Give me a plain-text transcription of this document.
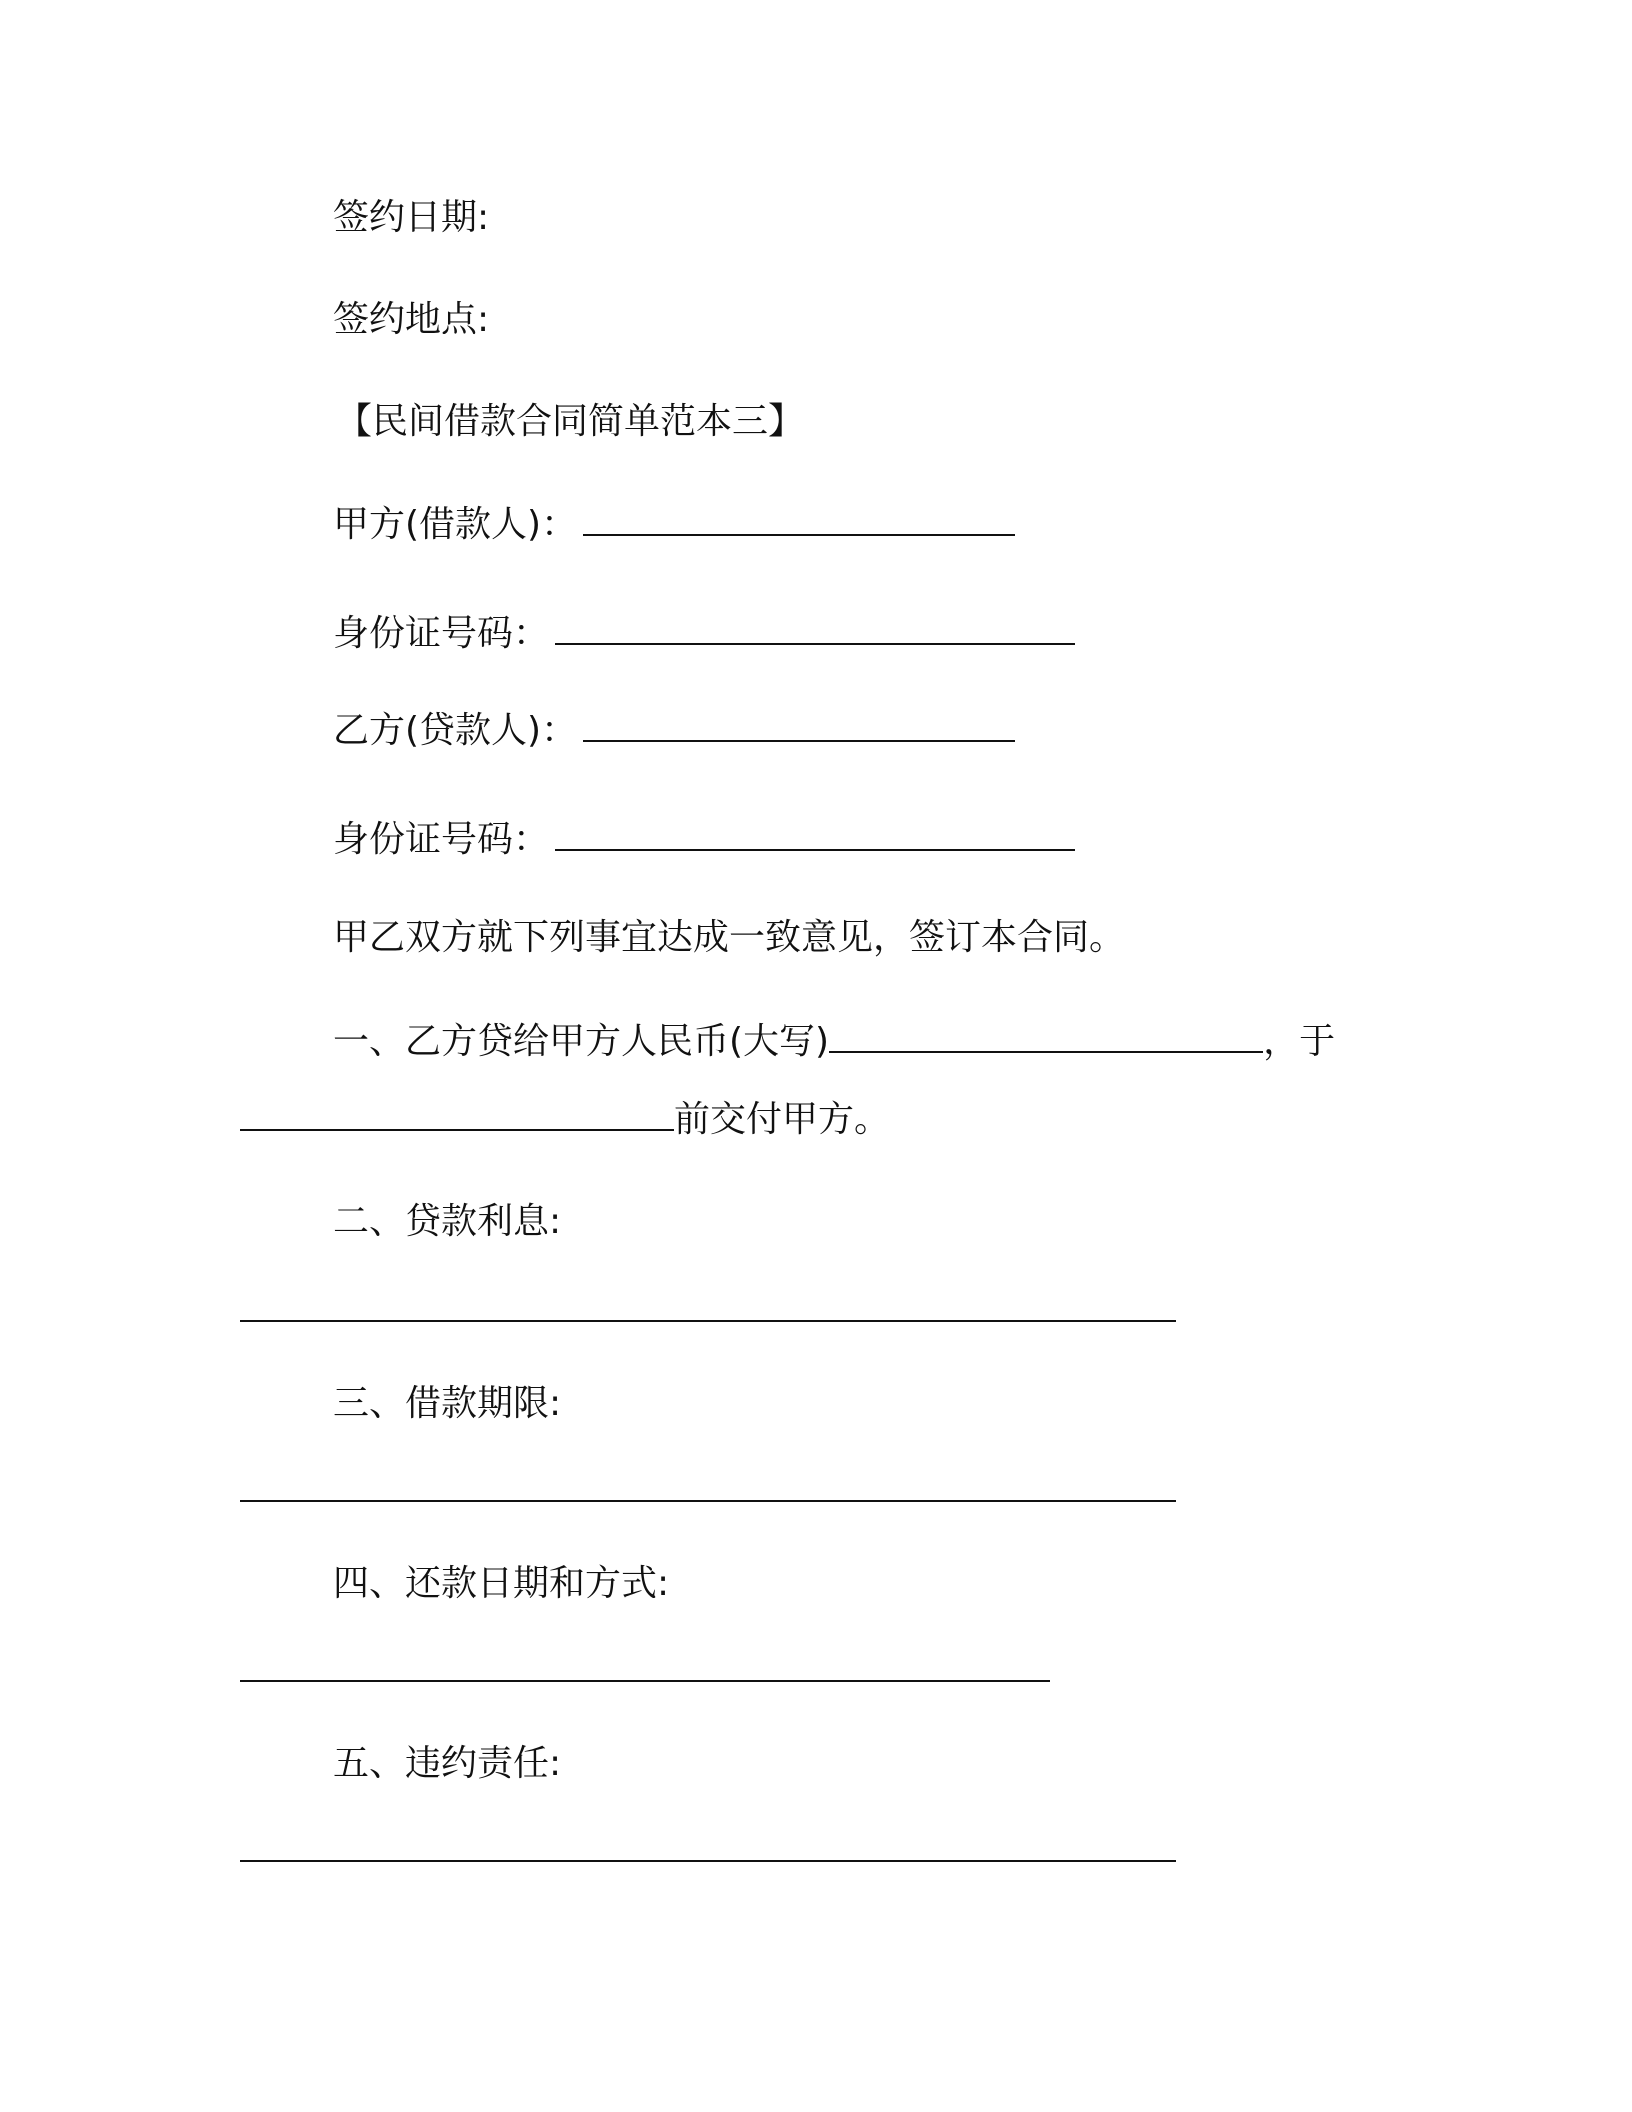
签约日期:
签约地点:
【民间借款合同简单范本三】
甲方(借款人)：
身份证号码：
乙方(贷款人)：
身份证号码：
甲乙双方就下列事宜达成一致意见，签订本合同。
一、乙方贷给甲方人民币(大写)	，于
前交付甲方。
二、贷款利息:
三、借款期限:
四、还款日期和方式:
五、违约责任:
